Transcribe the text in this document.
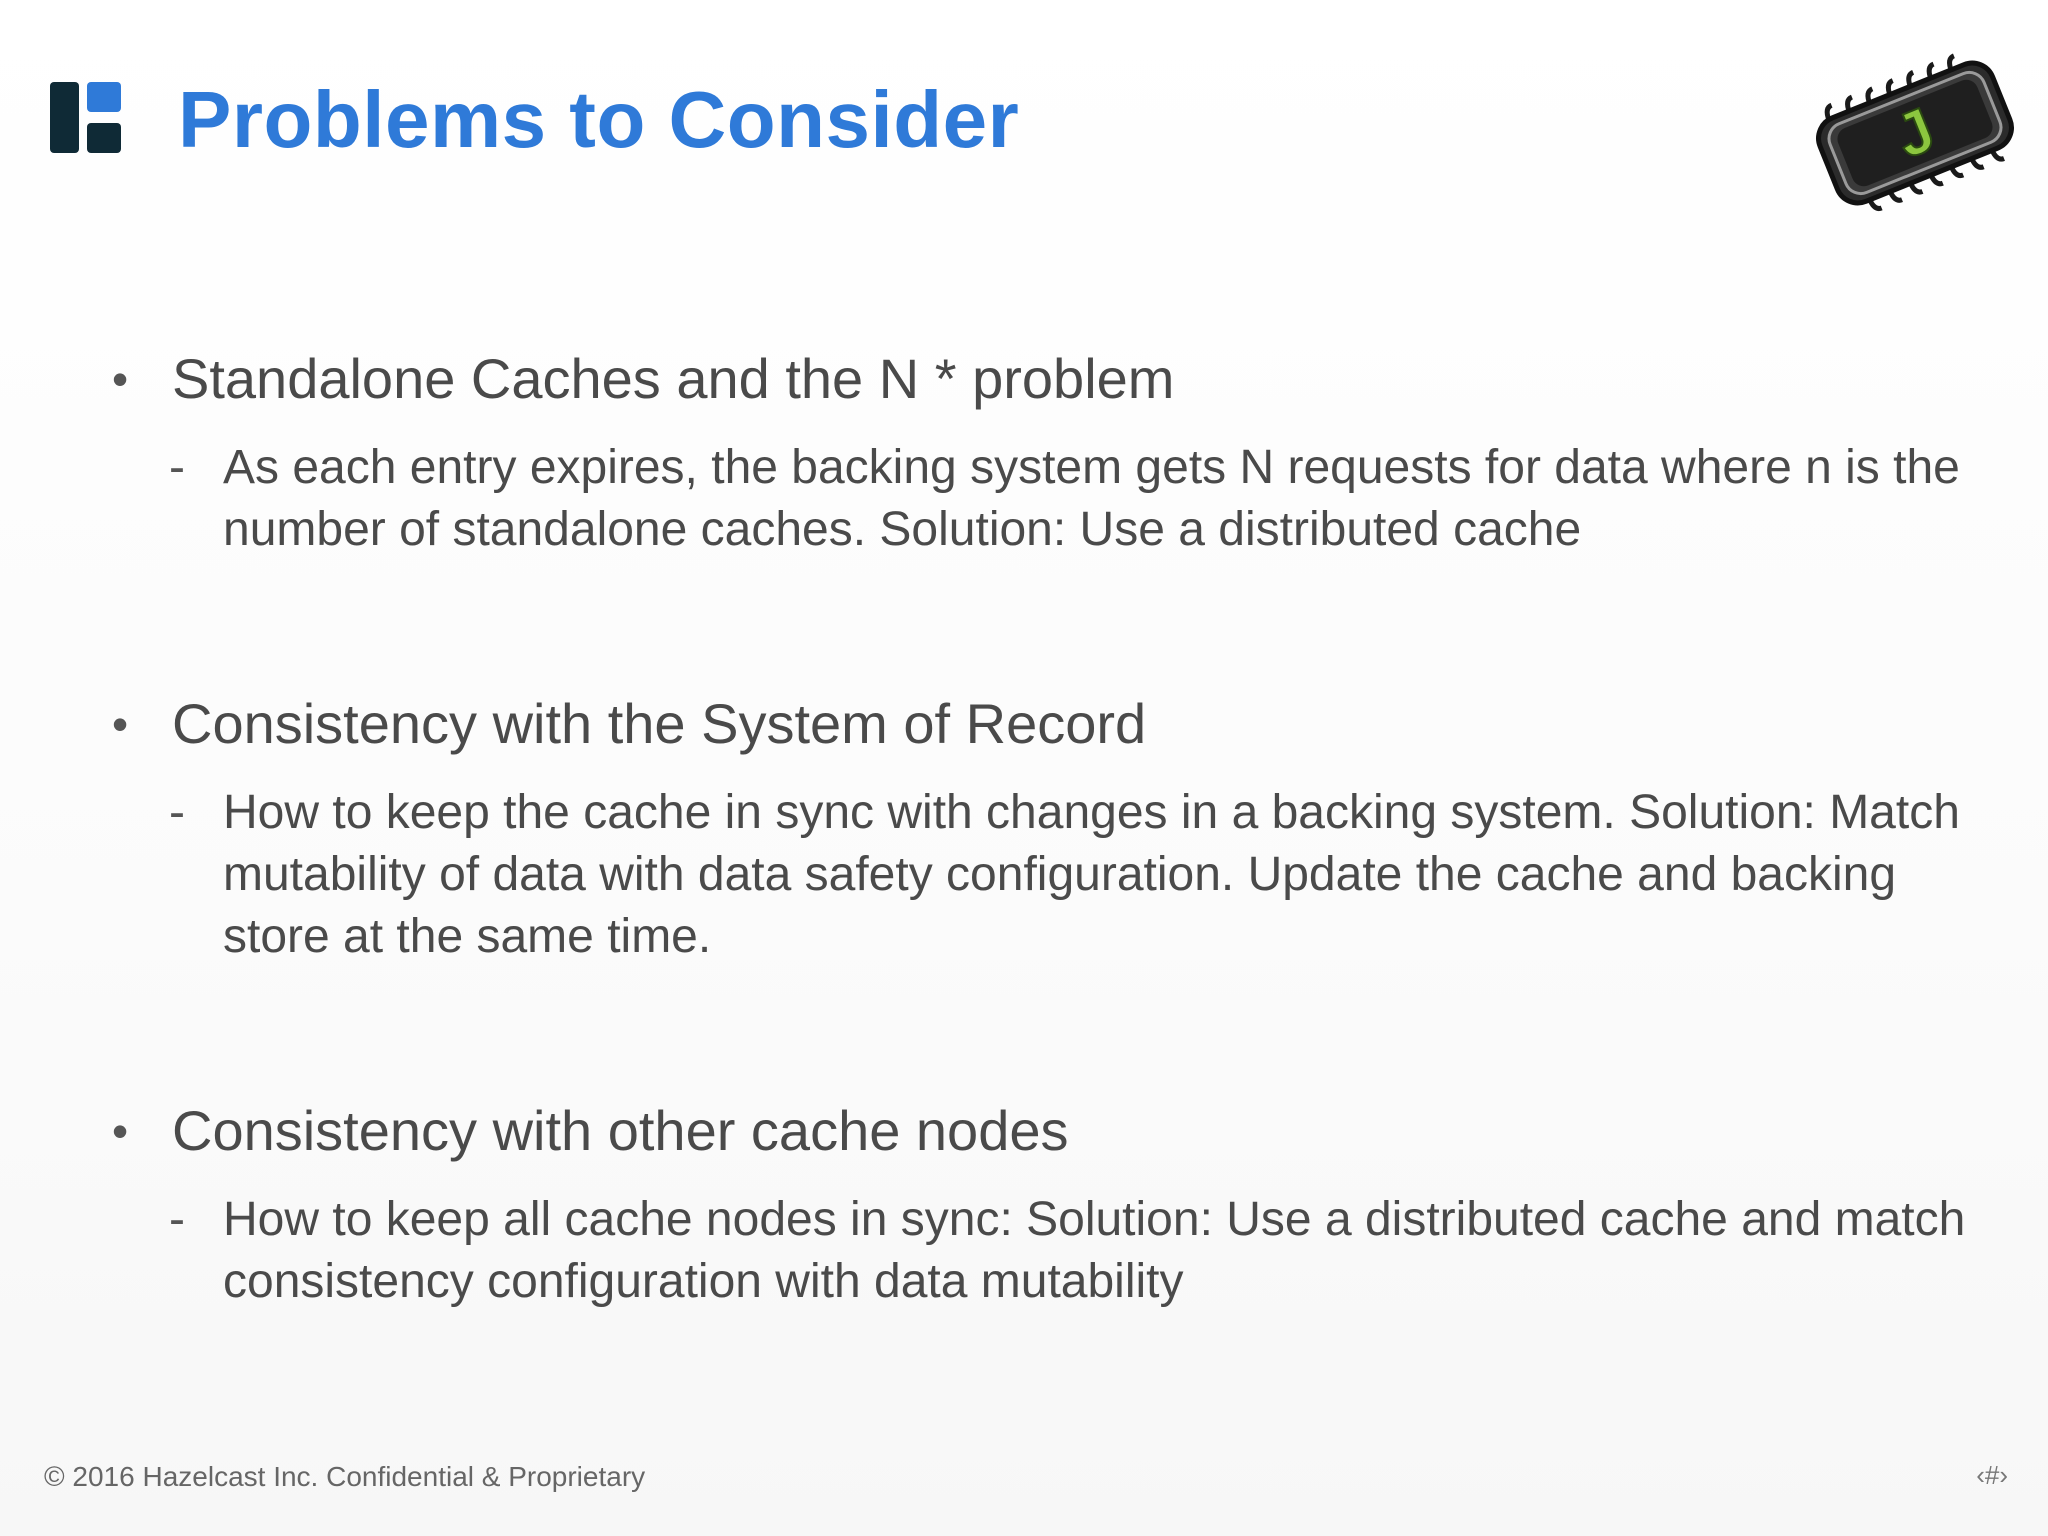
Problems to Consider	J
• Standalone Caches and the N * problem
- As each entry expires, the backing system gets N requests for data where n is the number of standalone caches. Solution: Use a distributed cache
• Consistency with the System of Record
- How to keep the cache in sync with changes in a backing system. Solution: Match mutability of data with data safety configuration. Update the cache and backing store at the same time.
• Consistency with other cache nodes
- How to keep all cache nodes in sync: Solution: Use a distributed cache and match consistency configuration with data mutability
© 2016 Hazelcast Inc. Confidential & Proprietary	‹#›
